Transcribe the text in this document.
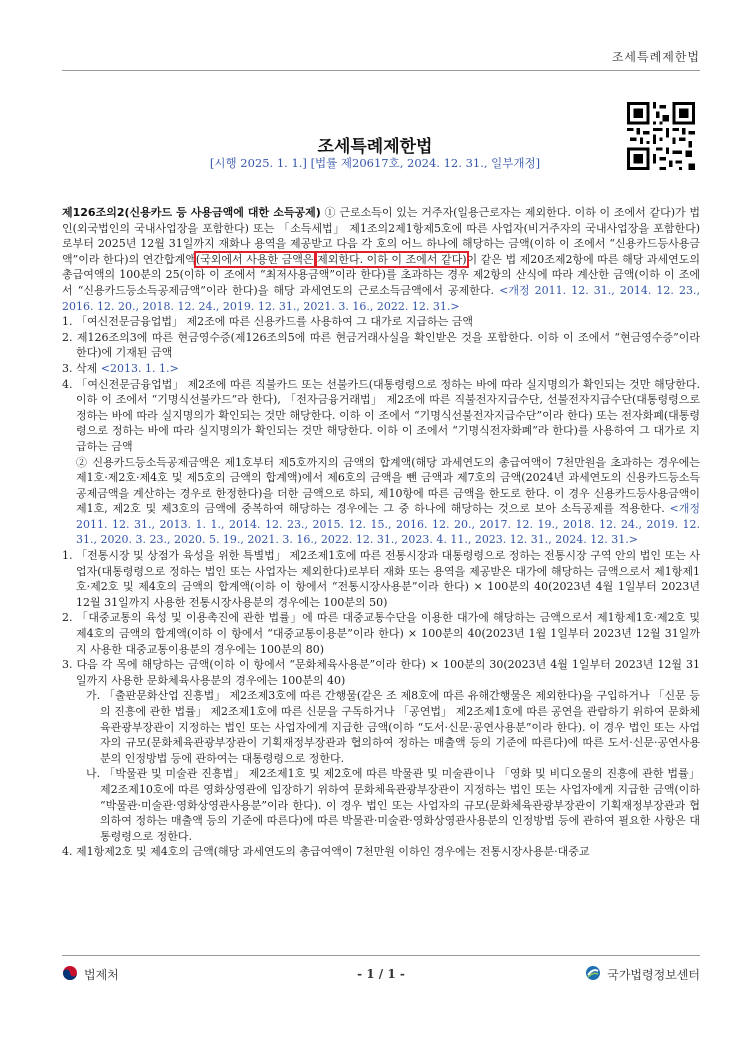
조세특례제한법
조세특례제한법
[시행 2025. 1. 1.] [법률 제20617호, 2024. 12. 31., 일부개정]

제126조의2(신용카드 등 사용금액에 대한 소득공제) ① 근로소득이 있는 거주자(일용근로자는 제외한다. 이하 이 조에서 같다)가 법인(외국법인의 국내사업장을 포함한다) 또는 「소득세법」 제1조의2제1항제5호에 따른 사업자(비거주자의 국내사업장을 포함한다)로부터 2025년 12월 31일까지 재화나 용역을 제공받고 다음 각 호의 어느 하나에 해당하는 금액(이하 이 조에서 “신용카드등사용금액”이라 한다)의 연간합계액(국외에서 사용한 금액은 제외한다. 이하 이 조에서 같다)이 같은 법 제20조제2항에 따른 해당 과세연도의 총급여액의 100분의 25(이하 이 조에서 “최저사용금액”이라 한다)를 초과하는 경우 제2항의 산식에 따라 계산한 금액(이하 이 조에서 “신용카드등소득공제금액”이라 한다)을 해당 과세연도의 근로소득금액에서 공제한다. <개정 2011. 12. 31., 2014. 12. 23., 2016. 12. 20., 2018. 12. 24., 2019. 12. 31., 2021. 3. 16., 2022. 12. 31.>

1. 「여신전문금융업법」 제2조에 따른 신용카드를 사용하여 그 대가로 지급하는 금액

2. 제126조의3에 따른 현금영수증(제126조의5에 따른 현금거래사실을 확인받은 것을 포함한다. 이하 이 조에서 “현금영수증”이라 한다)에 기재된 금액

3. 삭제 <2013. 1. 1.>

4. 「여신전문금융업법」 제2조에 따른 직불카드 또는 선불카드(대통령령으로 정하는 바에 따라 실지명의가 확인되는 것만 해당한다. 이하 이 조에서 “기명식선불카드”라 한다), 「전자금융거래법」 제2조에 따른 직불전자지급수단, 선불전자지급수단(대통령령으로 정하는 바에 따라 실지명의가 확인되는 것만 해당한다. 이하 이 조에서 “기명식선불전자지급수단”이라 한다) 또는 전자화폐(대통령령으로 정하는 바에 따라 실지명의가 확인되는 것만 해당한다. 이하 이 조에서 “기명식전자화폐”라 한다)를 사용하여 그 대가로 지급하는 금액

② 신용카드등소득공제금액은 제1호부터 제5호까지의 금액의 합계액(해당 과세연도의 총급여액이 7천만원을 초과하는 경우에는 제1호·제2호·제4호 및 제5호의 금액의 합계액)에서 제6호의 금액을 뺀 금액과 제7호의 금액(2024년 과세연도의 신용카드등소득공제금액을 계산하는 경우로 한정한다)을 더한 금액으로 하되, 제10항에 따른 금액을 한도로 한다. 이 경우 신용카드등사용금액이 제1호, 제2호 및 제3호의 금액에 중복하여 해당하는 경우에는 그 중 하나에 해당하는 것으로 보아 소득공제를 적용한다. <개정 2011. 12. 31., 2013. 1. 1., 2014. 12. 23., 2015. 12. 15., 2016. 12. 20., 2017. 12. 19., 2018. 12. 24., 2019. 12. 31., 2020. 3. 23., 2020. 5. 19., 2021. 3. 16., 2022. 12. 31., 2023. 4. 11., 2023. 12. 31., 2024. 12. 31.>

1. 「전통시장 및 상점가 육성을 위한 특별법」 제2조제1호에 따른 전통시장과 대통령령으로 정하는 전통시장 구역 안의 법인 또는 사업자(대통령령으로 정하는 법인 또는 사업자는 제외한다)로부터 재화 또는 용역을 제공받은 대가에 해당하는 금액으로서 제1항제1호·제2호 및 제4호의 금액의 합계액(이하 이 항에서 “전통시장사용분”이라 한다) × 100분의 40(2023년 4월 1일부터 2023년 12월 31일까지 사용한 전통시장사용분의 경우에는 100분의 50)

2. 「대중교통의 육성 및 이용촉진에 관한 법률」에 따른 대중교통수단을 이용한 대가에 해당하는 금액으로서 제1항제1호·제2호 및 제4호의 금액의 합계액(이하 이 항에서 “대중교통이용분”이라 한다) × 100분의 40(2023년 1월 1일부터 2023년 12월 31일까지 사용한 대중교통이용분의 경우에는 100분의 80)

3. 다음 각 목에 해당하는 금액(이하 이 항에서 “문화체육사용분”이라 한다) × 100분의 30(2023년 4월 1일부터 2023년 12월 31일까지 사용한 문화체육사용분의 경우에는 100분의 40)

가. 「출판문화산업 진흥법」 제2조제3호에 따른 간행물(같은 조 제8호에 따른 유해간행물은 제외한다)을 구입하거나 「신문 등의 진흥에 관한 법률」 제2조제1호에 따른 신문을 구독하거나 「공연법」 제2조제1호에 따른 공연을 관람하기 위하여 문화체육관광부장관이 지정하는 법인 또는 사업자에게 지급한 금액(이하 “도서·신문·공연사용분”이라 한다). 이 경우 법인 또는 사업자의 규모(문화체육관광부장관이 기획재정부장관과 협의하여 정하는 매출액 등의 기준에 따른다)에 따른 도서·신문·공연사용분의 인정방법 등에 관하여는 대통령령으로 정한다.

나. 「박물관 및 미술관 진흥법」 제2조제1호 및 제2호에 따른 박물관 및 미술관이나 「영화 및 비디오물의 진흥에 관한 법률」 제2조제10호에 따른 영화상영관에 입장하기 위하여 문화체육관광부장관이 지정하는 법인 또는 사업자에게 지급한 금액(이하 “박물관·미술관·영화상영관사용분”이라 한다). 이 경우 법인 또는 사업자의 규모(문화체육관광부장관이 기획재정부장관과 협의하여 정하는 매출액 등의 기준에 따른다)에 따른 박물관·미술관·영화상영관사용분의 인정방법 등에 관하여 필요한 사항은 대통령령으로 정한다.

4. 제1항제2호 및 제4호의 금액(해당 과세연도의 총급여액이 7천만원 이하인 경우에는 전통시장사용분·대중교

법제처	- 1 / 1 -	국가법령정보센터
